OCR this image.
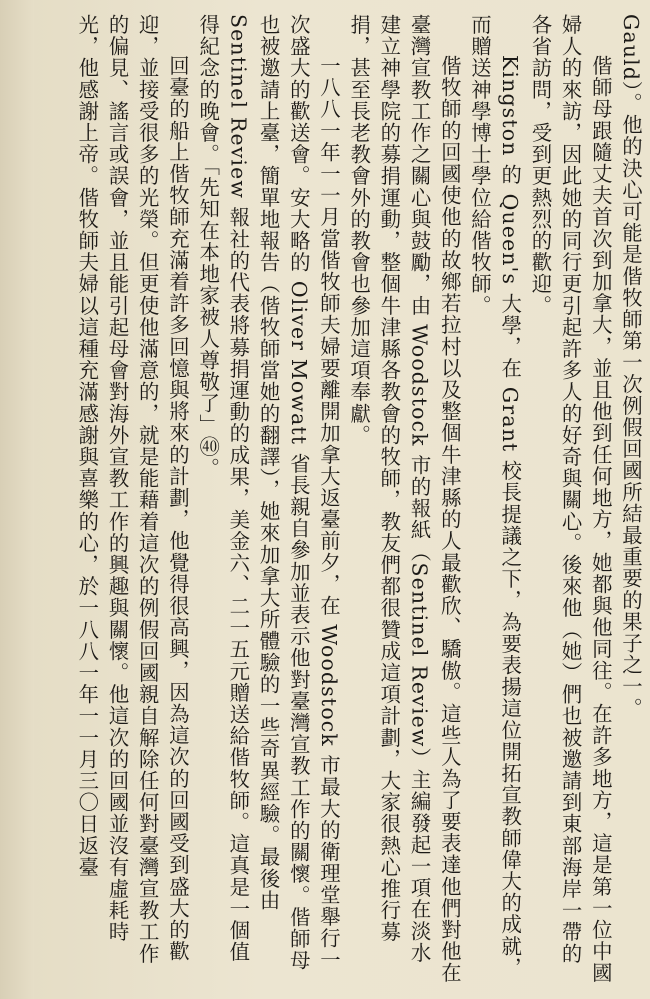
Gauld）。他的決心可能是偕牧師第一次例假回國所結最重要的果子之一。

偕師母跟隨丈夫首次到加拿大，並且他到任何地方，她都與他同往。在許多地方，這是第一位中國婦人的來訪，因此她的同行更引起許多人的好奇與關心。後來他（她）們也被邀請到東部海岸一帶的各省訪問，受到更熱烈的歡迎。

Kingston 的 Queen's 大學，在 Grant 校長提議之下，為要表揚這位開拓宣教師偉大的成就，而贈送神學博士學位給偕牧師。

偕牧師的回國使他的故鄉若拉村以及整個牛津縣的人最歡欣、驕傲。這些人為了要表達他們對他在臺灣宣教工作之關心與鼓勵，由 Woodstock 市的報紙（Sentinel Review）主編發起一項在淡水建立神學院的募捐運動，整個牛津縣各教會的牧師，教友們都很贊成這項計劃，大家很熱心推行募捐，甚至長老教會外的教會也參加這項奉獻。

一八八一年一一月當偕牧師夫婦要離開加拿大返臺前夕，在 Woodstock 市最大的衛理堂舉行一次盛大的歡送會。安大略的 Oliver Mowatt 省長親自參加並表示他對臺灣宣教工作的關懷。偕師母也被邀請上臺，簡單地報告（偕牧師當她的翻譯），她來加拿大所體驗的一些奇異經驗。最後由 Sentinel Review 報社的代表將募捐運動的成果，美金六、二一五元贈送給偕牧師。這真是一個值得紀念的晚會。「先知在本地家被人尊敬了」㊵。

回臺的船上偕牧師充滿着許多回憶與將來的計劃，他覺得很高興，因為這次的回國受到盛大的歡迎，並接受很多的光榮。但更使他滿意的，就是能藉着這次的例假回國親自解除任何對臺灣宣教工作的偏見、謠言或誤會，並且能引起母會對海外宣教工作的興趣與關懷。他這次的回國並沒有虛耗時光，他感謝上帝。偕牧師夫婦以這種充滿感謝與喜樂的心，於一八八一年一一月三〇日返臺
